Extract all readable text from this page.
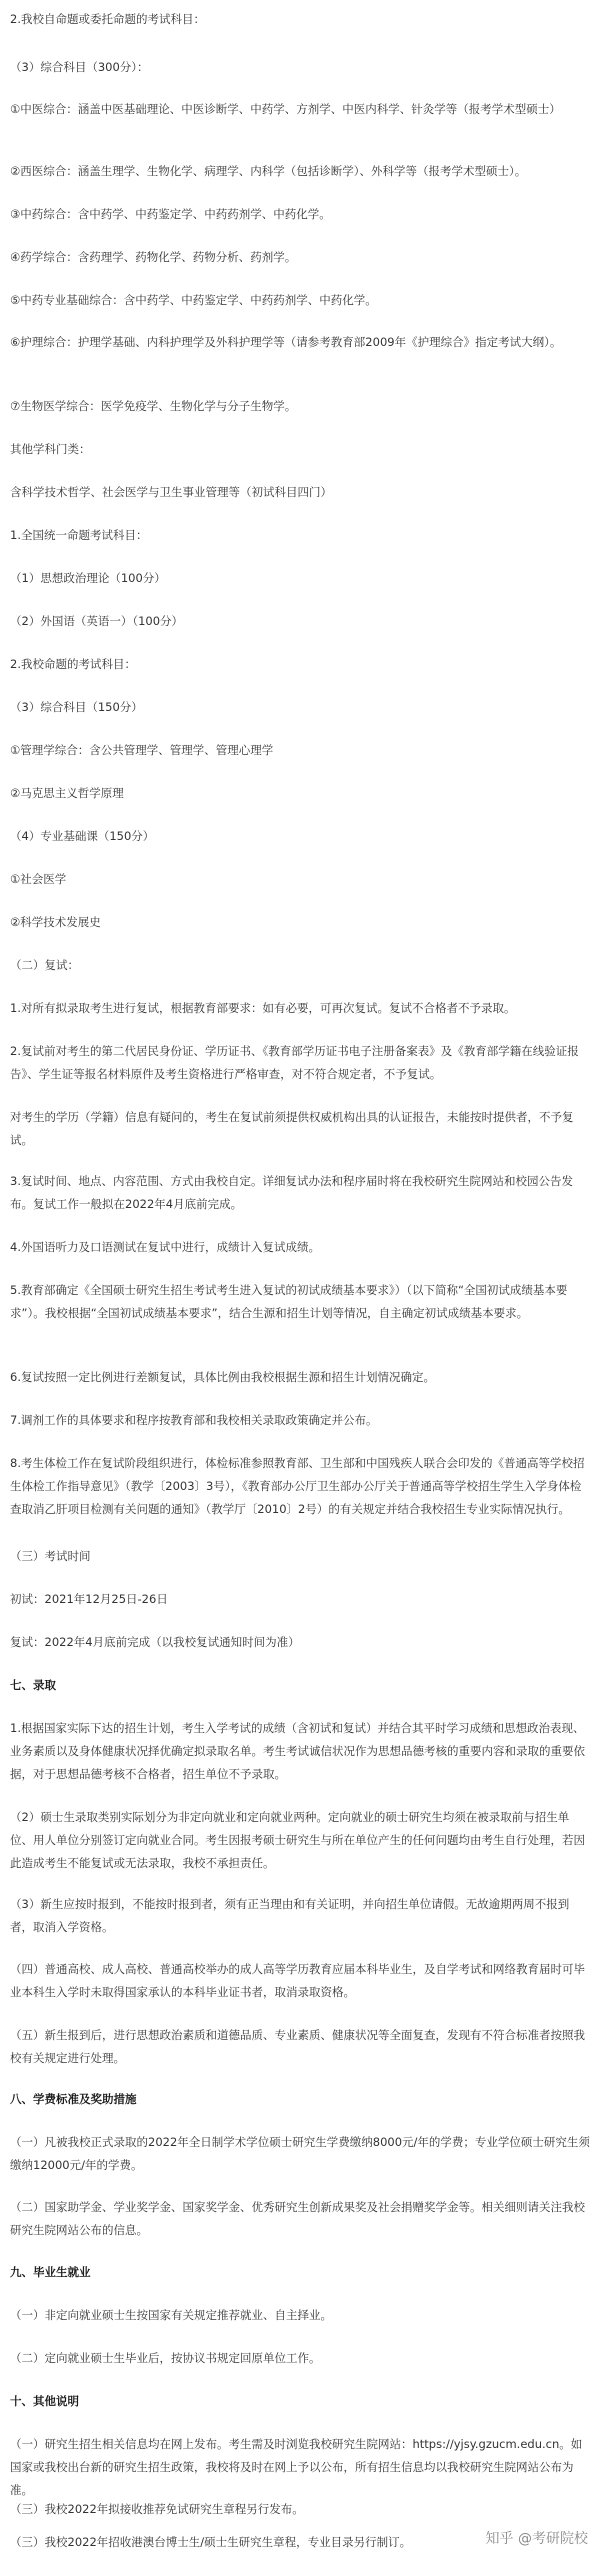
2.我校自命题或委托命题的考试科目：
（3）综合科目（300分）：
①中医综合：涵盖中医基础理论、中医诊断学、中药学、方剂学、中医内科学、针灸学等（报考学术型硕士）
②西医综合：涵盖生理学、生物化学、病理学、内科学（包括诊断学）、外科学等（报考学术型硕士）。
③中药综合：含中药学、中药鉴定学、中药药剂学、中药化学。
④药学综合：含药理学、药物化学、药物分析、药剂学。
⑤中药专业基础综合：含中药学、中药鉴定学、中药药剂学、中药化学。
⑥护理综合：护理学基础、内科护理学及外科护理学等（请参考教育部2009年《护理综合》指定考试大纲）。
⑦生物医学综合：医学免疫学、生物化学与分子生物学。
其他学科门类：
含科学技术哲学、社会医学与卫生事业管理等（初试科目四门）
1.全国统一命题考试科目：
（1）思想政治理论（100分）
（2）外国语（英语一）（100分）
2.我校命题的考试科目：
（3）综合科目（150分）
①管理学综合：含公共管理学、管理学、管理心理学
②马克思主义哲学原理
（4）专业基础课（150分）
①社会医学
②科学技术发展史
（二）复试：
1.对所有拟录取考生进行复试，根据教育部要求：如有必要，可再次复试。复试不合格者不予录取。
2.复试前对考生的第二代居民身份证、学历证书、《教育部学历证书电子注册备案表》及《教育部学籍在线验证报告》、学生证等报名材料原件及考生资格进行严格审查，对不符合规定者，不予复试。
对考生的学历（学籍）信息有疑问的，考生在复试前须提供权威机构出具的认证报告，未能按时提供者，不予复试。
3.复试时间、地点、内容范围、方式由我校自定。详细复试办法和程序届时将在我校研究生院网站和校园公告发布。复试工作一般拟在2022年4月底前完成。
4.外国语听力及口语测试在复试中进行，成绩计入复试成绩。
5.教育部确定《全国硕士研究生招生考试考生进入复试的初试成绩基本要求》）（以下简称“全国初试成绩基本要求”）。我校根据“全国初试成绩基本要求”，结合生源和招生计划等情况，自主确定初试成绩基本要求。
6.复试按照一定比例进行差额复试，具体比例由我校根据生源和招生计划情况确定。
7.调剂工作的具体要求和程序按教育部和我校相关录取政策确定并公布。
8.考生体检工作在复试阶段组织进行，体检标准参照教育部、卫生部和中国残疾人联合会印发的《普通高等学校招生体检工作指导意见》（教学〔2003〕3号），《教育部办公厅卫生部办公厅关于普通高等学校招生学生入学身体检查取消乙肝项目检测有关问题的通知》（教学厅〔2010〕2号）的有关规定并结合我校招生专业实际情况执行。
（三）考试时间
初试：2021年12月25日-26日
复试：2022年4月底前完成（以我校复试通知时间为准）
七、录取
1.根据国家实际下达的招生计划，考生入学考试的成绩（含初试和复试）并结合其平时学习成绩和思想政治表现、业务素质以及身体健康状况择优确定拟录取名单。考生考试诚信状况作为思想品德考核的重要内容和录取的重要依据，对于思想品德考核不合格者，招生单位不予录取。
（2）硕士生录取类别实际划分为非定向就业和定向就业两种。定向就业的硕士研究生均须在被录取前与招生单位、用人单位分别签订定向就业合同。考生因报考硕士研究生与所在单位产生的任何问题均由考生自行处理，若因此造成考生不能复试或无法录取，我校不承担责任。
（3）新生应按时报到，不能按时报到者，须有正当理由和有关证明，并向招生单位请假。无故逾期两周不报到者，取消入学资格。
（四）普通高校、成人高校、普通高校举办的成人高等学历教育应届本科毕业生，及自学考试和网络教育届时可毕业本科生入学时未取得国家承认的本科毕业证书者，取消录取资格。
（五）新生报到后，进行思想政治素质和道德品质、专业素质、健康状况等全面复查，发现有不符合标准者按照我校有关规定进行处理。
八、学费标准及奖助措施
（一）凡被我校正式录取的2022年全日制学术学位硕士研究生学费缴纳8000元/年的学费；专业学位硕士研究生须缴纳12000元/年的学费。
（二）国家助学金、学业奖学金、国家奖学金、优秀研究生创新成果奖及社会捐赠奖学金等。相关细则请关注我校研究生院网站公布的信息。
九、毕业生就业
（一）非定向就业硕士生按国家有关规定推荐就业、自主择业。
（二）定向就业硕士生毕业后，按协议书规定回原单位工作。
十、其他说明
（一）研究生招生相关信息均在网上发布。考生需及时浏览我校研究生院网站：https://yjsy.gzucm.edu.cn。如国家或我校出台新的研究生招生政策，我校将及时在网上予以公布，所有招生信息均以我校研究生院网站公布为准。
（三）我校2022年拟接收推荐免试研究生章程另行发布。
（三）我校2022年招收港澳台博士生/硕士生研究生章程，专业目录另行制订。	知乎 @考研院校
